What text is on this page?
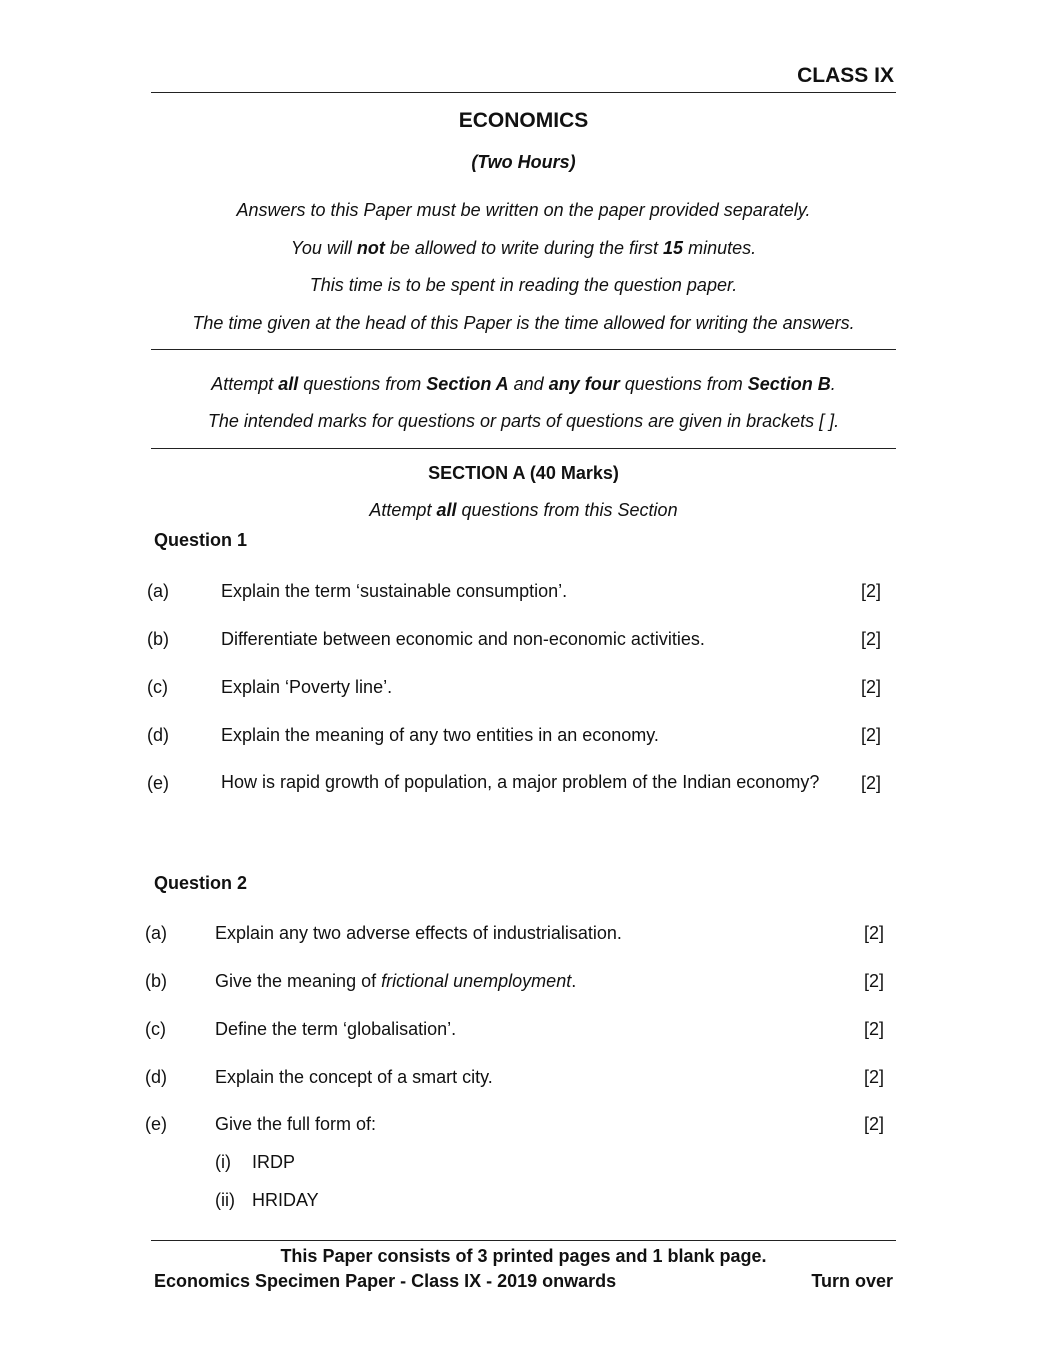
CLASS IX
ECONOMICS
(Two Hours)
Answers to this Paper must be written on the paper provided separately.
You will not be allowed to write during the first 15 minutes.
This time is to be spent in reading the question paper.
The time given at the head of this Paper is the time allowed for writing the answers.
Attempt all questions from Section A and any four questions from Section B.
The intended marks for questions or parts of questions are given in brackets [ ].
SECTION A (40 Marks)
Attempt all questions from this Section
Question 1
(a)	Explain the term ‘sustainable consumption’.	[2]
(b)	Differentiate between economic and non-economic activities.	[2]
(c)	Explain ‘Poverty line’.	[2]
(d)	Explain the meaning of any two entities in an economy.	[2]
(e)	How is rapid growth of population, a major problem of the Indian economy?	[2]
Question 2
(a)	Explain any two adverse effects of industrialisation.	[2]
(b)	Give the meaning of frictional unemployment.	[2]
(c)	Define the term ‘globalisation’.	[2]
(d)	Explain the concept of a smart city.	[2]
(e)	Give the full form of:	[2]
(i) IRDP
(ii) HRIDAY
This Paper consists of 3 printed pages and 1 blank page.
Economics Specimen Paper - Class IX - 2019 onwards	Turn over
